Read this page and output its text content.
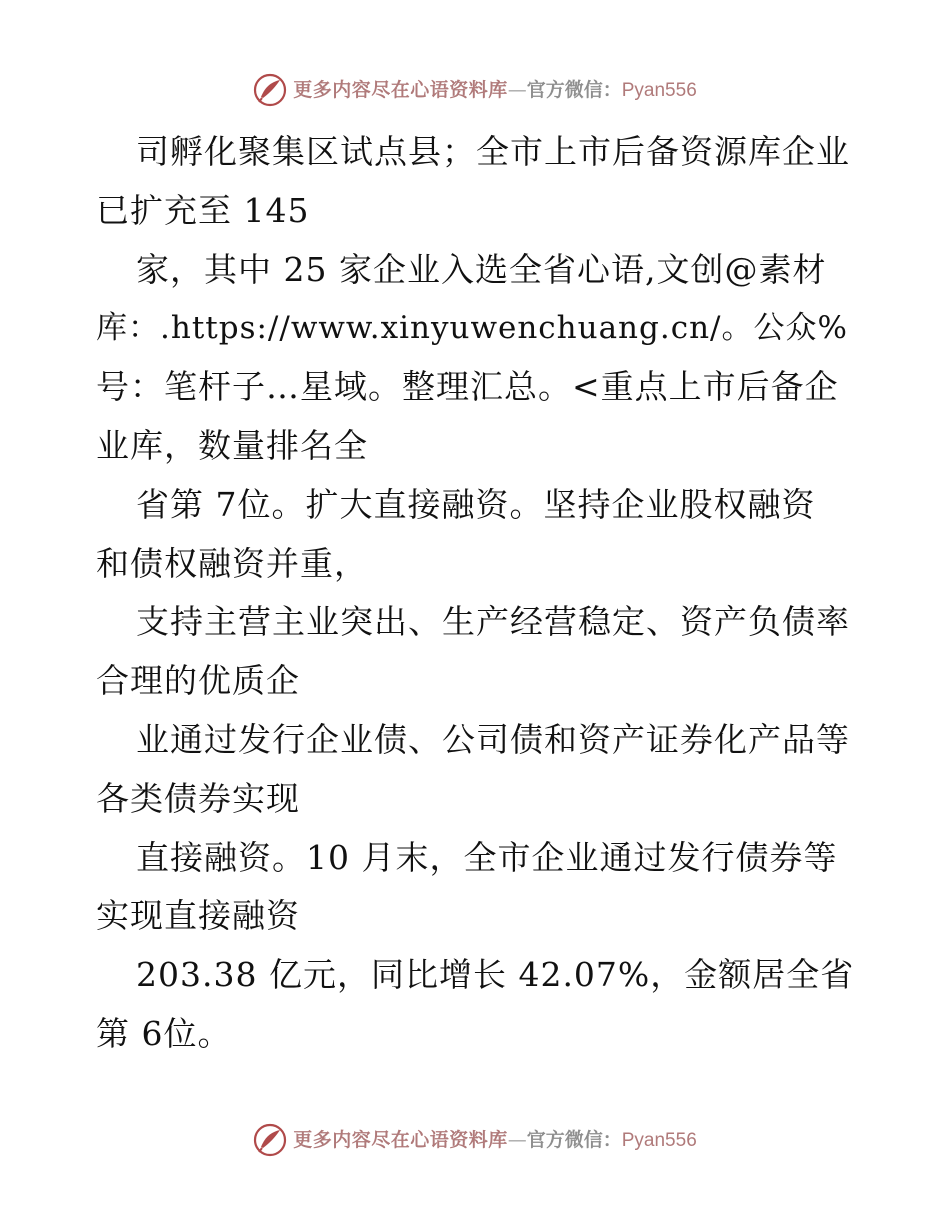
更多内容尽在心语资料库 — 官方微信： Pyan556
司孵化聚集区试点县；全市上市后备资源库企业
已扩充至 145
家，其中 25 家企业入选全省心语,文创@素材
库：.https://www.xinyuwenchuang.cn/。公众%
号：笔杆子…星域。整理汇总。<重点上市后备企
业库，数量排名全
省第 7位。扩大直接融资。坚持企业股权融资
和债权融资并重，
支持主营主业突出、生产经营稳定、资产负债率
合理的优质企
业通过发行企业债、公司债和资产证券化产品等
各类债券实现
直接融资。10 月末，全市企业通过发行债券等
实现直接融资
203.38 亿元，同比增长 42.07%，金额居全省
第 6位。
更多内容尽在心语资料库 — 官方微信： Pyan556
